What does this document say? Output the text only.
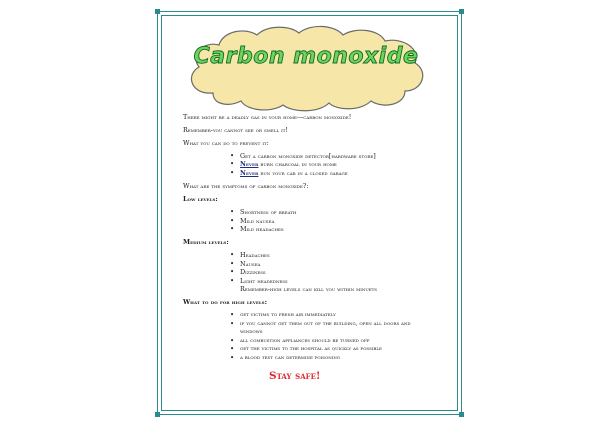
Carbon monoxide

There might be a deadly gas in your home—carbon monoxide!

Remember-you cannot see or smell it!

What you can do to prevent it:

• Get a carbon monoxide detector[hardware store]
• Never burn charcoal in your home
• Never run your car in a closed garage

What are the symptoms of carbon monoxide?:

Low levels:

• Shortness of breath
• Mild nausea
• Mild headaches

Medium levels:

• Headaches
• Nausea
• Dizziness
• Light headedness
Remember-high levels can kill you within minuets

What to do for high levels:

• get victims to fresh air immediately
• if you cannot get them out of the building, open all doors and windows
• all combustion appliances should be turned off
• get the victims to the hospital as quickly as possible
• a blood test can determine poisoning
Stay safe!
